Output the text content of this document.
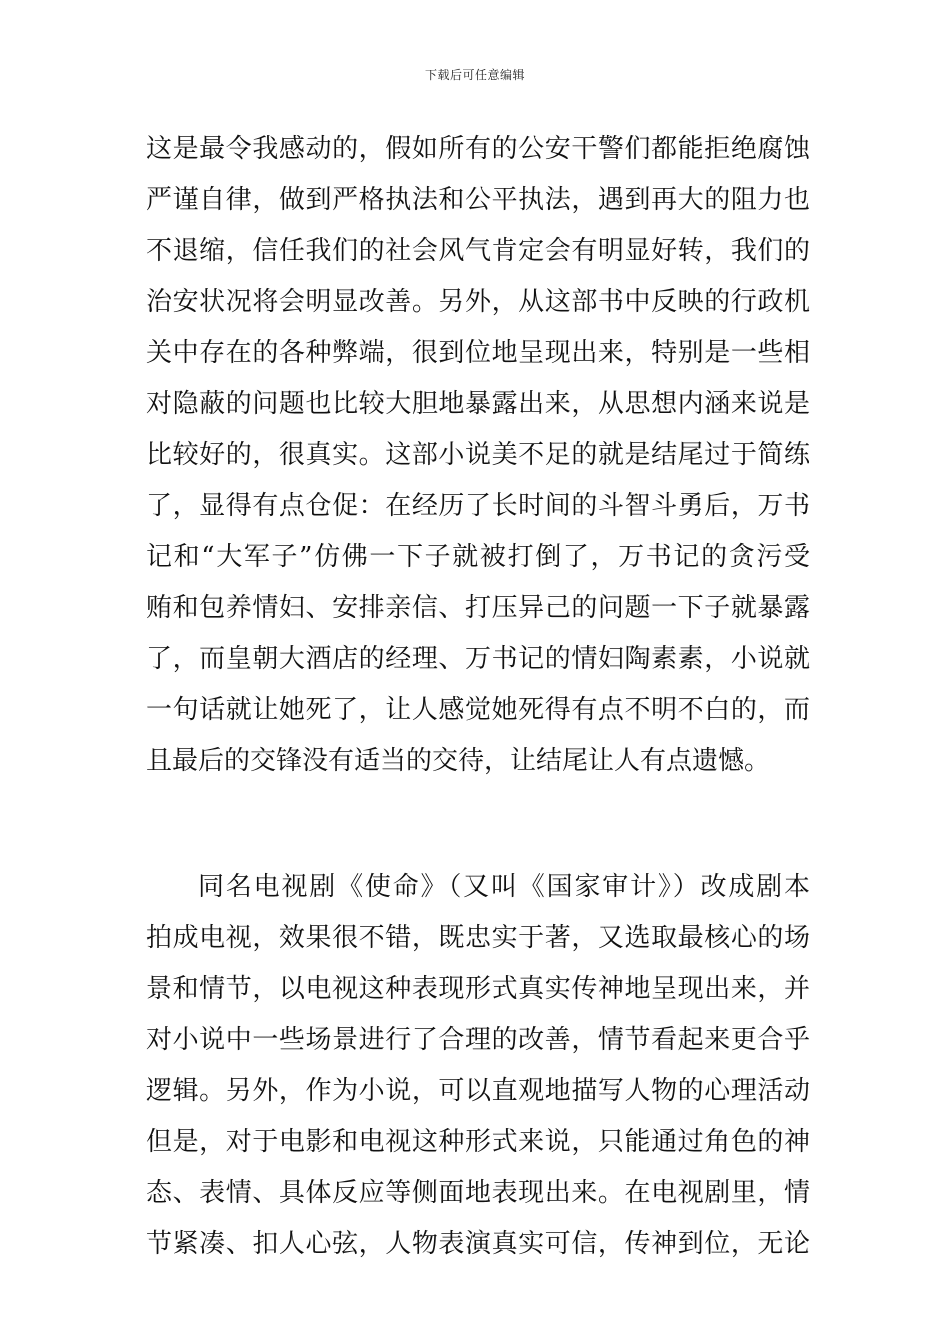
下载后可任意编辑
这是最令我感动的，假如所有的公安干警们都能拒绝腐蚀
严谨自律，做到严格执法和公平执法，遇到再大的阻力也
不退缩，信任我们的社会风气肯定会有明显好转，我们的
治安状况将会明显改善。另外，从这部书中反映的行政机
关中存在的各种弊端，很到位地呈现出来，特别是一些相
对隐蔽的问题也比较大胆地暴露出来，从思想内涵来说是
比较好的，很真实。这部小说美不足的就是结尾过于简练
了，显得有点仓促：在经历了长时间的斗智斗勇后，万书
记和“大军子”仿佛一下子就被打倒了，万书记的贪污受
贿和包养情妇、安排亲信、打压异己的问题一下子就暴露
了，而皇朝大酒店的经理、万书记的情妇陶素素，小说就
一句话就让她死了，让人感觉她死得有点不明不白的，而
且最后的交锋没有适当的交待，让结尾让人有点遗憾。
同名电视剧《使命》（又叫《国家审计》）改成剧本
拍成电视，效果很不错，既忠实于著，又选取最核心的场
景和情节，以电视这种表现形式真实传神地呈现出来，并
对小说中一些场景进行了合理的改善，情节看起来更合乎
逻辑。另外，作为小说，可以直观地描写人物的心理活动
但是，对于电影和电视这种形式来说，只能通过角色的神
态、表情、具体反应等侧面地表现出来。在电视剧里，情
节紧凑、扣人心弦，人物表演真实可信，传神到位，无论
